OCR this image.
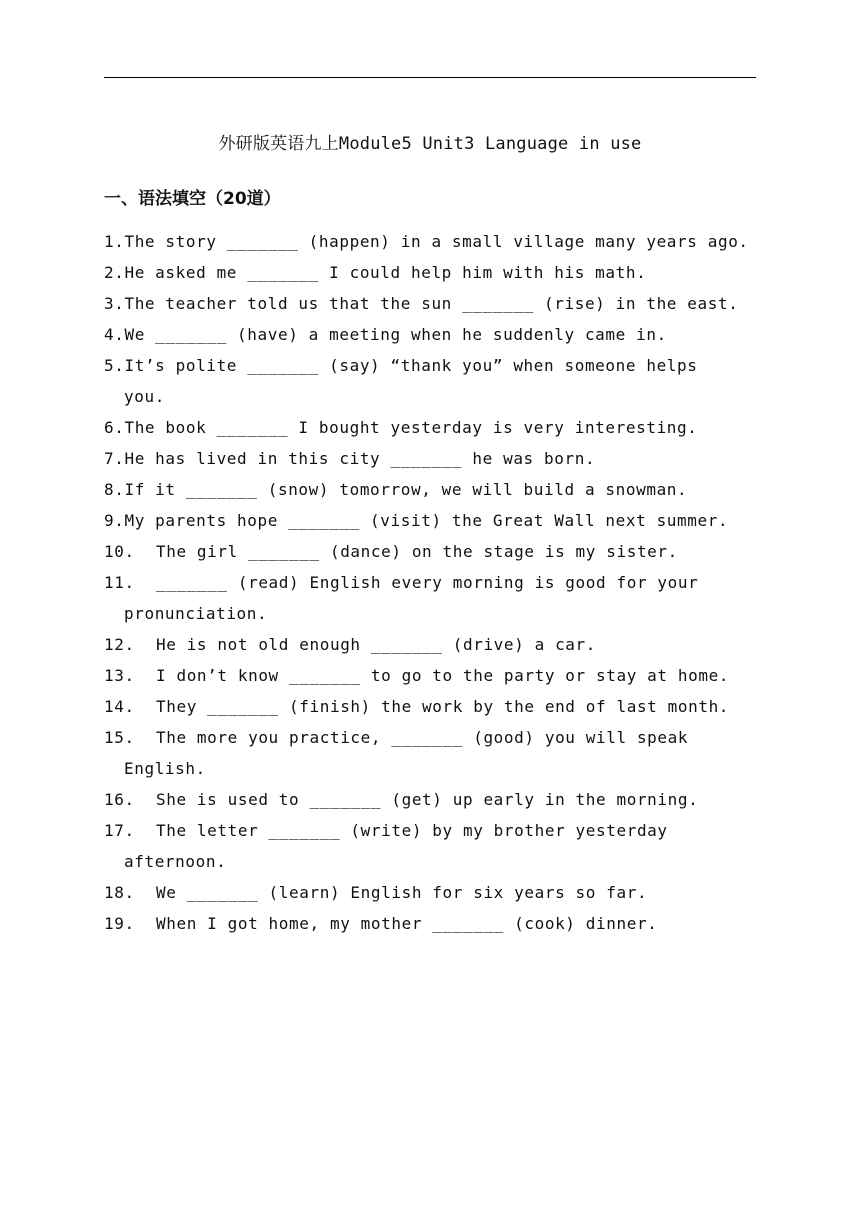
外研版英语九上Module5 Unit3 Language in use
一、语法填空（20道）
1.The story _______ (happen) in a small village many years ago.
2.He asked me _______ I could help him with his math.
3.The teacher told us that the sun _______ (rise) in the east.
4.We _______ (have) a meeting when he suddenly came in.
5.It’s polite _______ (say) “thank you” when someone helps
you.
6.The book _______ I bought yesterday is very interesting.
7.He has lived in this city _______ he was born.
8.If it _______ (snow) tomorrow, we will build a snowman.
9.My parents hope _______ (visit) the Great Wall next summer.
10. The girl _______ (dance) on the stage is my sister.
11. _______ (read) English every morning is good for your
pronunciation.
12. He is not old enough _______ (drive) a car.
13. I don’t know _______ to go to the party or stay at home.
14. They _______ (finish) the work by the end of last month.
15. The more you practice, _______ (good) you will speak
English.
16. She is used to _______ (get) up early in the morning.
17. The letter _______ (write) by my brother yesterday
afternoon.
18. We _______ (learn) English for six years so far.
19. When I got home, my mother _______ (cook) dinner.
